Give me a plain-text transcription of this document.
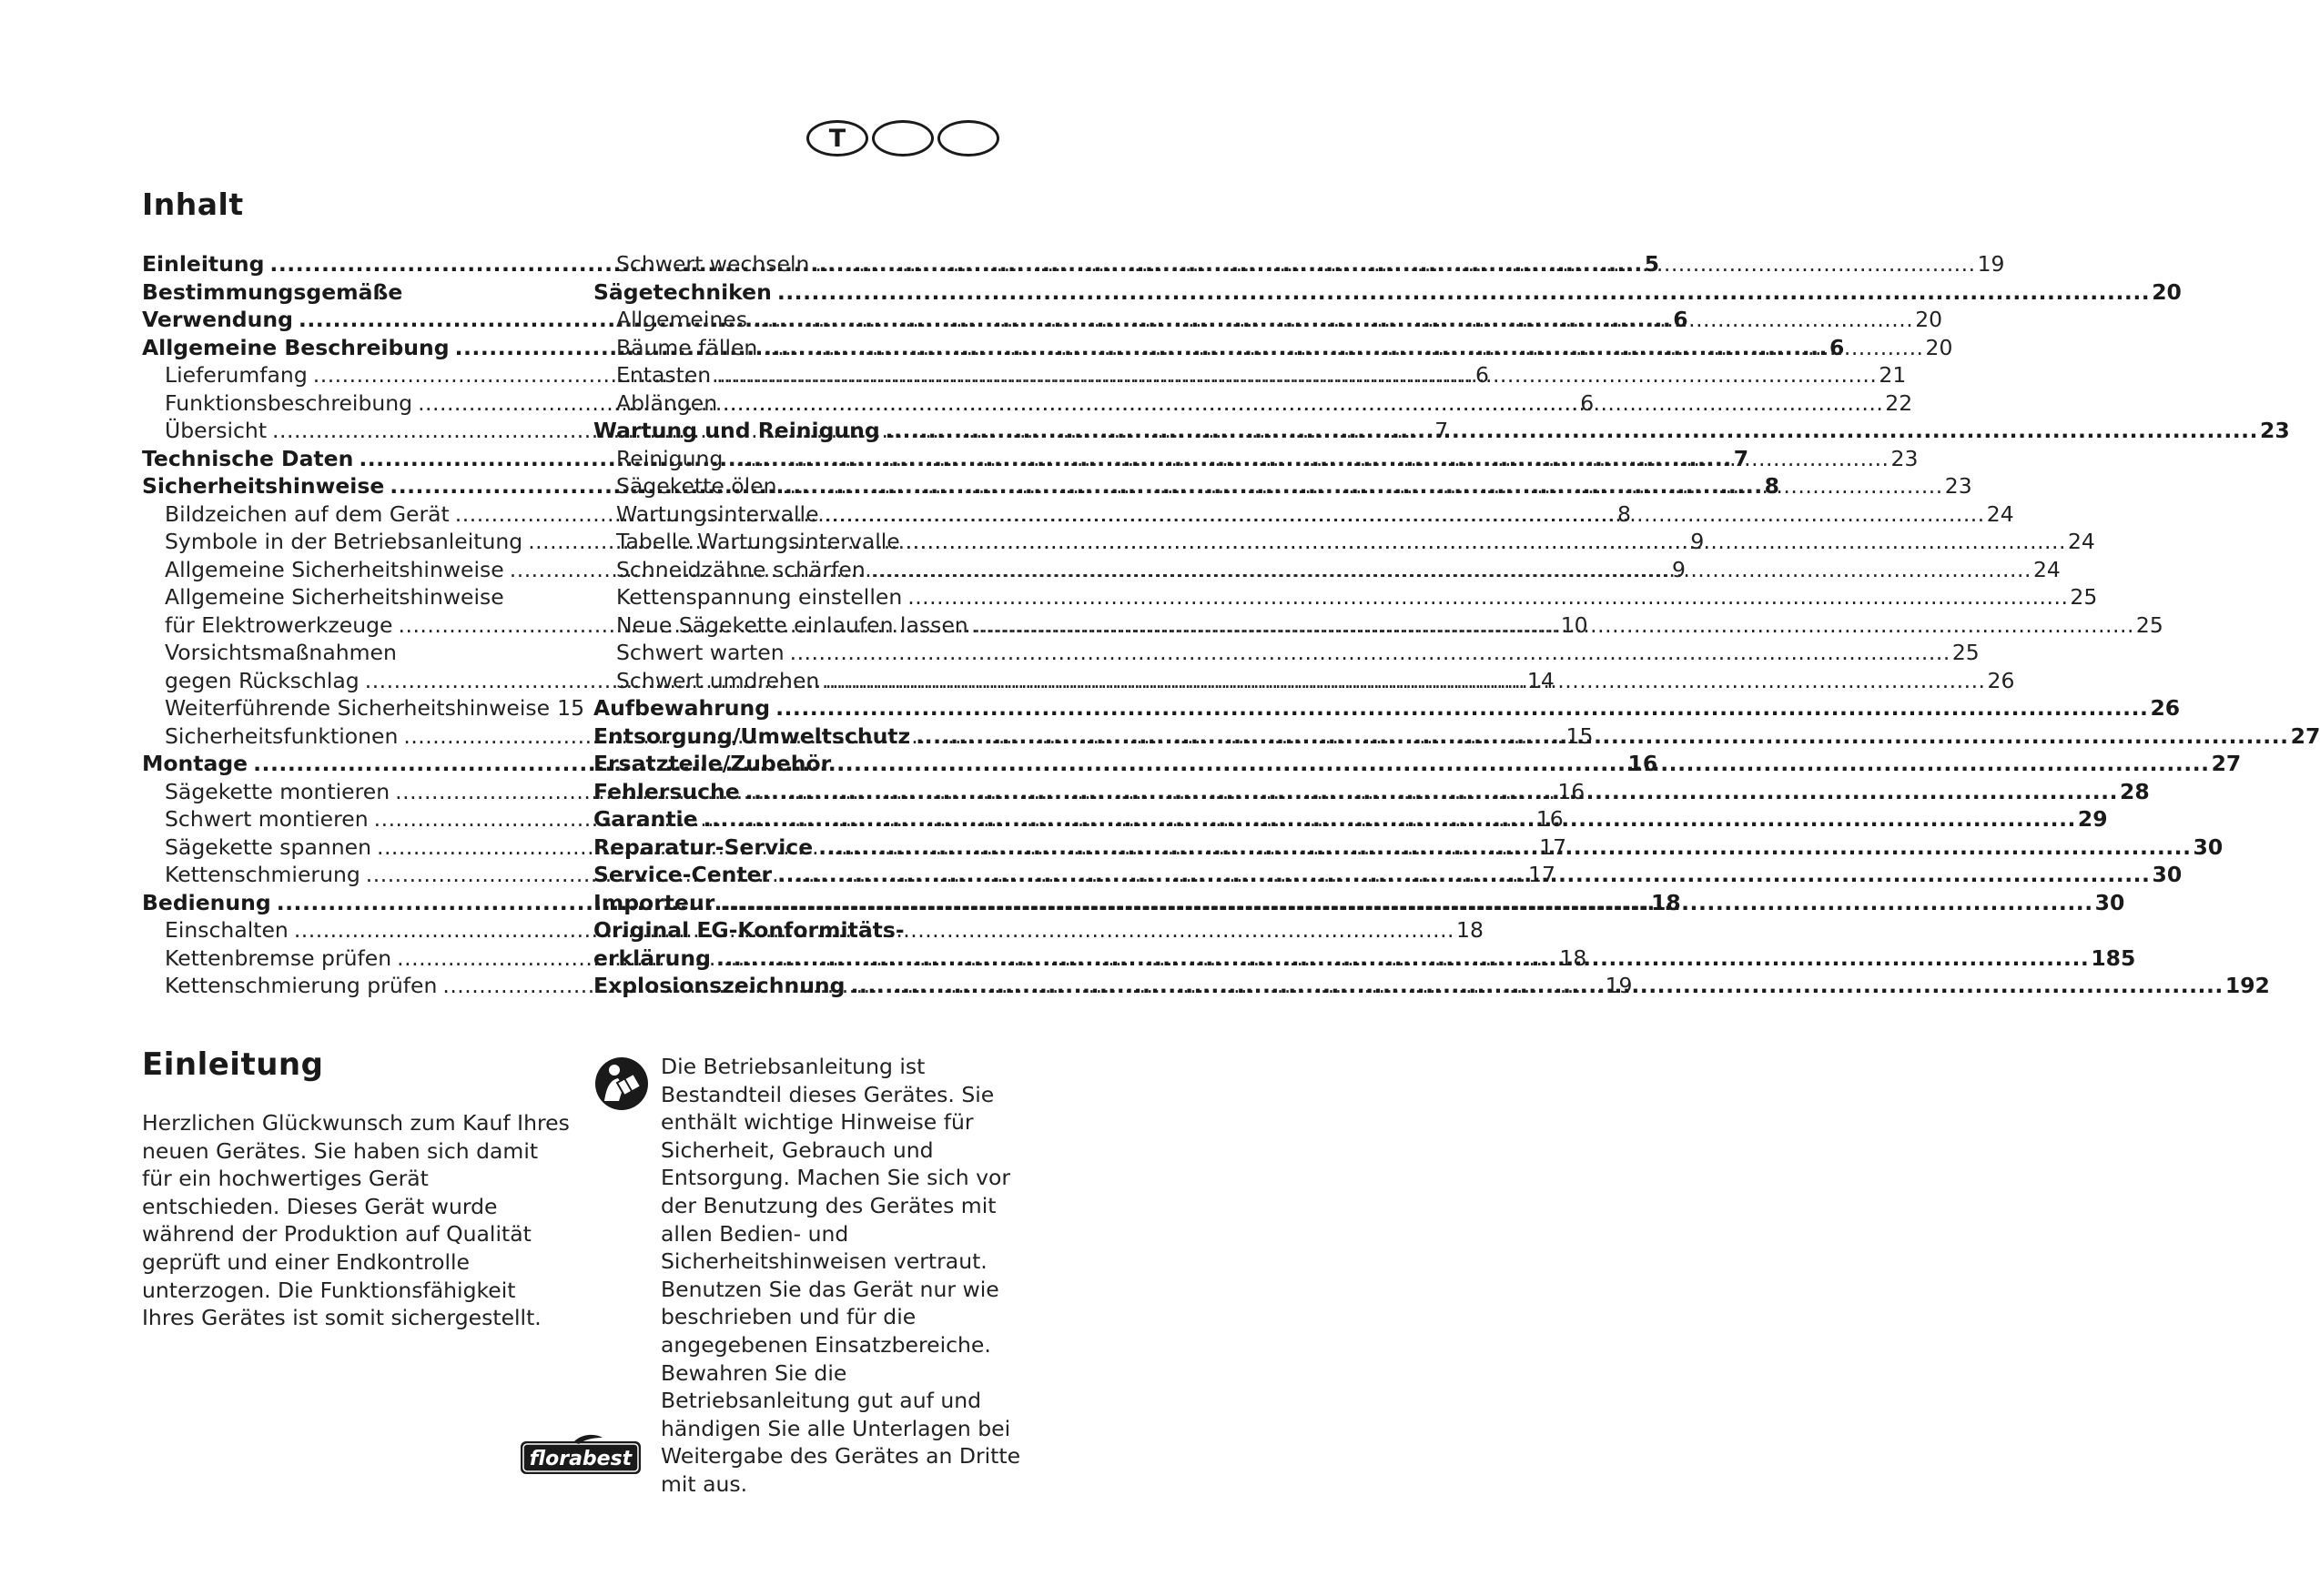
T
Inhalt
Einleitung .....	5
Bestimmungsgemäße
Verwendung .....	6
Allgemeine Beschreibung .....	6
Lieferumfang .....	6
Funktionsbeschreibung .....	6
Übersicht .....	7
Technische Daten .....	7
Sicherheitshinweise .....	8
Bildzeichen auf dem Gerät .....	8
Symbole in der Betriebsanleitung .....	9
Allgemeine Sicherheitshinweise .....	9
Allgemeine Sicherheitshinweise
für Elektrowerkzeuge .....	10
Vorsichtsmaßnahmen
gegen Rückschlag .....	14
Weiterführende Sicherheitshinweise 15
Sicherheitsfunktionen .....	15
Montage .....	16
Sägekette montieren .....	16
Schwert montieren .....	16
Sägekette spannen .....	17
Kettenschmierung .....	17
Bedienung .....	18
Einschalten .....	18
Kettenbremse prüfen .....	18
Kettenschmierung prüfen .....	19
Schwert wechseln .....	19
Sägetechniken .....	20
Allgemeines .....	20
Bäume fällen .....	20
Entasten .....	21
Ablängen .....	22
Wartung und Reinigung .....	23
Reinigung .....	23
Sägekette ölen .....	23
Wartungsintervalle .....	24
Tabelle Wartungsintervalle .....	24
Schneidzähne schärfen .....	24
Kettenspannung einstellen .....	25
Neue Sägekette einlaufen lassen .....	25
Schwert warten .....	25
Schwert umdrehen .....	26
Aufbewahrung .....	26
Entsorgung/Umweltschutz .....	27
Ersatzteile/Zubehör .....	27
Fehlersuche .....	28
Garantie .....	29
Reparatur-Service .....	30
Service-Center .....	30
Importeur .....	30
Original EG-Konformitäts-
erklärung .....	185
Explosionszeichnung .....	192
Einleitung

Herzlichen Glückwunsch zum Kauf Ihres neuen Gerätes. Sie haben sich damit für ein hochwertiges Gerät entschieden. Dieses Gerät wurde während der Produktion auf Qualität geprüft und einer Endkontrolle unterzogen. Die Funktionsfähigkeit Ihres Gerätes ist somit sichergestellt.

Die Betriebsanleitung ist Bestandteil dieses Gerätes. Sie enthält wichtige Hinweise für Sicherheit, Gebrauch und Entsorgung. Machen Sie sich vor der Benutzung des Gerätes mit allen Bedien- und Sicherheitshinweisen vertraut. Benutzen Sie das Gerät nur wie beschrieben und für die angegebenen Einsatzbereiche. Bewahren Sie die Betriebsanleitung gut auf und händigen Sie alle Unterlagen bei Weitergabe des Gerätes an Dritte mit aus.

florabest
